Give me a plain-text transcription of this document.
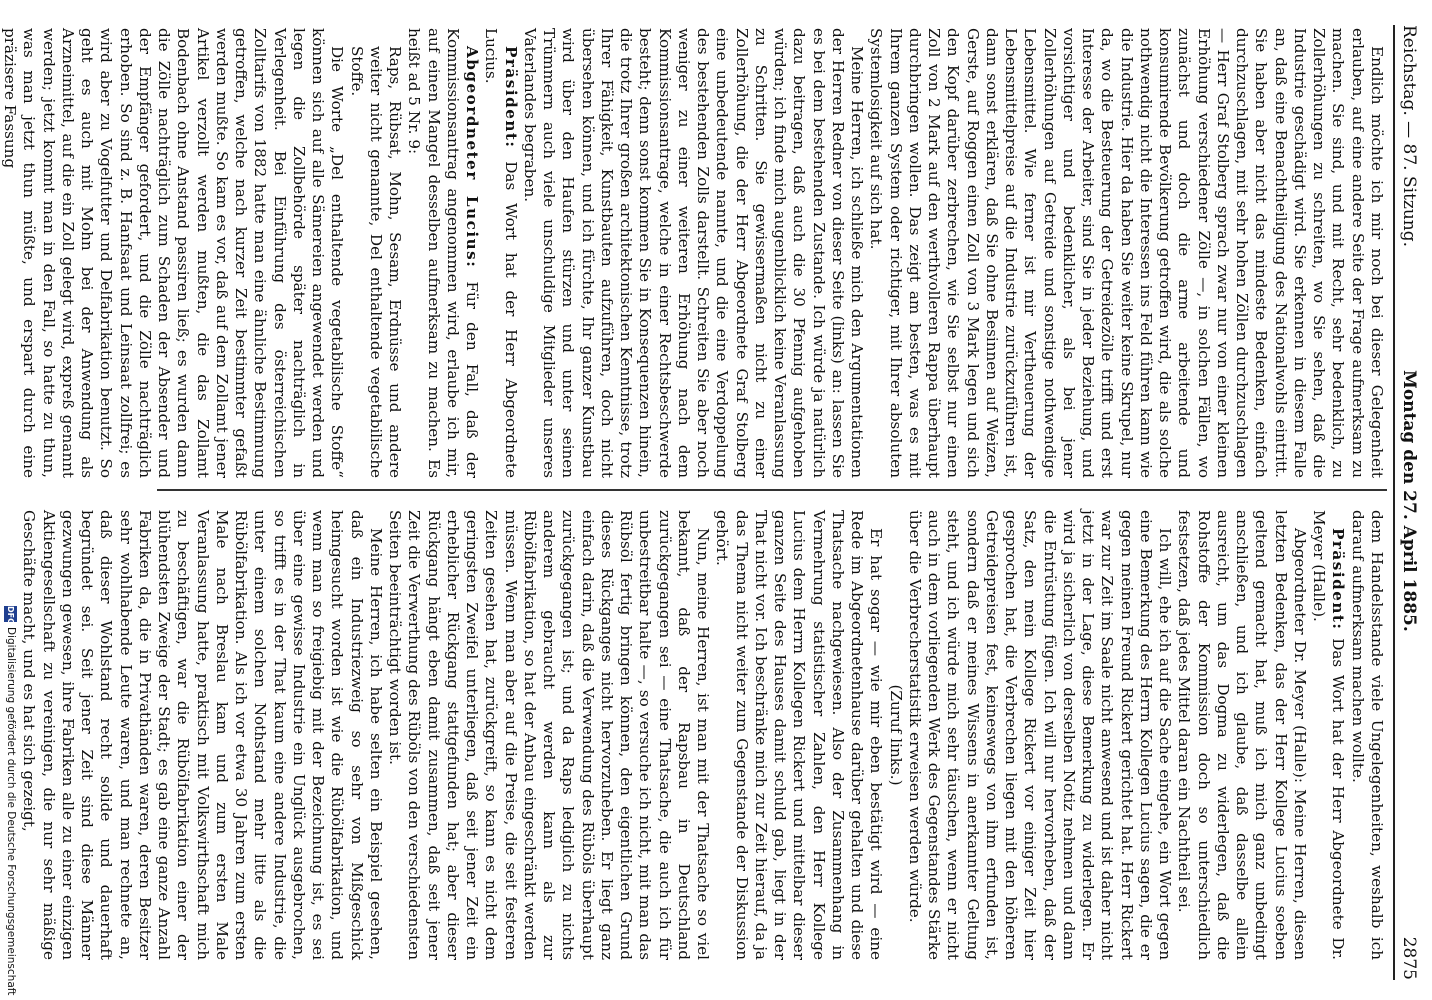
Reichstag. — 87. Sitzung.
Montag den 27. April 1885.
2875

Endlich möchte ich mir noch bei dieser Gelegenheit erlauben, auf eine andere Seite der Frage aufmerksam zu machen. Sie sind, und mit Recht, sehr bedenklich, zu Zollerhöhungen zu schreiten, wo Sie sehen, daß die Industrie geschädigt wird. Sie erkennen in diesem Falle an, daß eine Benachtheiligung des Nationalwohls eintritt. Sie haben aber nicht das mindeste Bedenken, einfach durchzuschlagen, mit sehr hohen Zöllen durchzuschlagen — Herr Graf Stolberg sprach zwar nur von einer kleinen Erhöhung verschiedener Zölle —, in solchen Fällen, wo zunächst und doch die arme arbeitende und konsumirende Bevölkerung getroffen wird, die als solche nothwendig nicht die Interessen ins Feld führen kann wie die Industrie. Hier da haben Sie weiter keine Skrupel, nur da, wo die Besteuerung der Getreidezölle trifft und erst Interesse der Arbeiter, sind Sie in jeder Beziehung, und vorsichtiger und bedenklicher, als bei jener Zollerhöhungen auf Getreide und sonstige nothwendige Lebensmittel. Wie ferner ist mir Vertheuerung der Lebensmittelpreise auf die Industrie zurückzuführen ist, dann sonst erklären, daß Sie ohne Besinnen auf Weizen, Gerste, auf Roggen einen Zoll von 3 Mark legen und sich den Kopf darüber zerbrechen, wie Sie selbst nur einen Zoll von 2 Mark auf den werthvolleren Rappa überhaupt durchbringen wollen. Das zeigt am besten, was es mit Ihrem ganzen System oder richtiger, mit Ihrer absoluten Systemlosigkeit auf sich hat.

Meine Herren, ich schließe mich den Argumentationen der Herren Redner von dieser Seite (links) an: lassen Sie es bei dem bestehenden Zustande. Ich würde ja natürlich dazu beitragen, daß auch die 30 Pfennig aufgehoben würden; ich finde mich augenblicklich keine Veranlassung zu Schritten. Sie gewissermaßen nicht zu einer Zollerhöhung, die der Herr Abgeordnete Graf Stolberg eine unbedeutende nannte, und die eine Verdoppelung des bestehenden Zolls darstellt. Schreiten Sie aber noch weniger zu einer weiteren Erhöhung nach dem Kommissionsantrage, welche in einer Rechtsbeschwerde besteht; denn sonst kommen Sie in Konsequenzen hinein, die trotz Ihrer großen architektonischen Kenntnisse, trotz Ihrer Fähigkeit, Kunstbauten aufzuführen, doch nicht übersehen können, und ich fürchte, Ihr ganzer Kunstbau wird über den Haufen stürzen und unter seinen Trümmern auch viele unschuldige Mitglieder unseres Vaterlandes begraben.

Präsident: Das Wort hat der Herr Abgeordnete Lucius.

Abgeordneter Lucius: Für den Fall, daß der Kommissionsantrag angenommen wird, erlaube ich mir, auf einen Mangel desselben aufmerksam zu machen. Es heißt ad 5 Nr. 9:

Raps, Rübsat, Mohn, Sesam, Erdnüsse und andere weiter nicht genannte, Del enthaltende vegetabilische Stoffe.

Die Worte „Del enthaltende vegetabilische Stoffe“ können sich auf alle Sämereien angewendet werden und legen die Zollbehörde später nachträglich in Verlegenheit. Bei Einführung des österreichischen Zolltarifs von 1882 hatte man eine ähnliche Bestimmung getroffen, welche nach kurzer Zeit bestimmter gefaßt werden mußte. So kam es vor, daß auf dem Zollamt jener Artikel verzollt werden mußten, die das Zollamt Bodenbach ohne Anstand passiren ließ; es wurden dann die Zölle nachträglich zum Schaden der Absender und der Empfänger gefordert, und die Zölle nachträglich erhoben. So sind z. B. Hanfsaat und Leinsaat zollfrei; es wird aber zu Vogelfutter und Delfabrikation benutzt. So geht es auch mit Mohn bei der Anwendung als Arzneimittel, auf die ein Zoll gelegt wird, expreß genannt werden; jetzt kommt man in den Fall, so hatte zu thun, was man jetzt thun müßte, und erspart durch eine präzisere Fassung

dem Handelsstande viele Ungelegenheiten, weshalb ich darauf aufmerksam machen wollte.

Präsident: Das Wort hat der Herr Abgeordnete Dr. Meyer (Halle).

Abgeordneter Dr. Meyer (Halle): Meine Herren, diesen letzten Bedenken, das der Herr Kollege Lucius soeben geltend gemacht hat, muß ich mich ganz unbedingt anschließen, und ich glaube, daß dasselbe allein ausreicht, um das Dogma zu widerlegen, daß die Rohstoffe der Kommission doch so unterschiedlich festsetzen, daß jedes Mittel daran ein Nachtheil sei.

Ich will, ehe ich auf die Sache eingehe, ein Wort gegen eine Bemerkung des Herrn Kollegen Lucius sagen, die er gegen meinen Freund Rickert gerichtet hat. Herr Rickert war zur Zeit im Saale nicht anwesend und ist daher nicht jetzt in der Lage, diese Bemerkung zu widerlegen. Er wird ja sicherlich von derselben Notiz nehmen und dann die Entrüstung fügen. Ich will nur hervorheben, daß der Satz, den mein Kollege Rickert vor einiger Zeit hier gesprochen hat, die Verbrechen liegen mit den höheren Getreidepreisen fest, keineswegs von ihm erfunden ist, sondern daß er meines Wissens in anerkannter Geltung steht, und ich würde mich sehr täuschen, wenn er nicht auch in dem vorliegenden Werk des Gegenstandes Stärke über die Verbrecherstatistik erweisen werden würde.

(Zuruf links.)

Er hat sogar — wie mir eben bestätigt wird — eine Rede im Abgeordnetenhause darüber gehalten und diese Thatsache nachgewiesen. Also der Zusammenhang in Vermehrung statistischer Zahlen, den Herr Kollege Lucius dem Herrn Kollegen Rickert und mittelbar dieser ganzen Seite des Hauses damit schuld gab, liegt in der That nicht vor. Ich beschränke mich zur Zeit hierauf, da ja das Thema nicht weiter zum Gegenstande der Diskussion gehört.

Nun, meine Herren, ist man mit der Thatsache so viel bekannt, daß der Rapsbau in Deutschland zurückgegangen sei — eine Thatsache, die auch ich für unbestreitbar halte —, so versuche ich nicht, mit man das Rübsöl fertig bringen können, den eigentlichen Grund dieses Rückganges nicht hervorzuheben. Er liegt ganz einfach darin, daß die Verwendung des Rüböls überhaupt zurückgegangen ist; und da Raps lediglich zu nichts anderem gebraucht werden kann als zur Rübölfabrikation, so hat der Anbau eingeschränkt werden müssen. Wenn man aber auf die Preise, die seit festeren Zeiten gesehen hat, zurückgreift, so kann es nicht dem geringsten Zweifel unterliegen, daß seit jener Zeit ein erheblicher Rückgang stattgefunden hat; aber dieser Rückgang hängt eben damit zusammen, daß seit jener Zeit die Verwerthung des Rüböls von den verschiedensten Seiten beeinträchtigt worden ist.

Meine Herren, ich habe selten ein Beispiel gesehen, daß ein Industriezweig so sehr von Mißgeschick heimgesucht worden ist wie die Rübölfabrikation, und wenn man so freigiebig mit der Bezeichnung ist, es sei über eine gewisse Industrie ein Unglück ausgebrochen, so trifft es in der That kaum eine andere Industrie, die unter einem solchen Nothstand mehr litte als die Rübölfabrikation. Als ich vor etwa 30 Jahren zum ersten Male nach Breslau kam und zum ersten Male Veranlassung hatte, praktisch mit Volkswirthschaft mich zu beschäftigen, war die Rübölfabrikation einer der blühendsten Zweige der Stadt; es gab eine ganze Anzahl Fabriken da, die in Privathänden waren, deren Besitzer sehr wohlhabende Leute waren, und man rechnete an, daß dieser Wohlstand recht solide und dauerhaft begründet sei. Seit jener Zeit sind diese Männer gezwungen gewesen, ihre Fabriken alle zu einer einzigen Aktiengesellschaft zu vereinigen, die nur sehr mäßige Geschäfte macht, und es hat sich gezeigt,

DFGDigitalisierung gefördert durch die Deutsche Forschungsgemeinschaft
